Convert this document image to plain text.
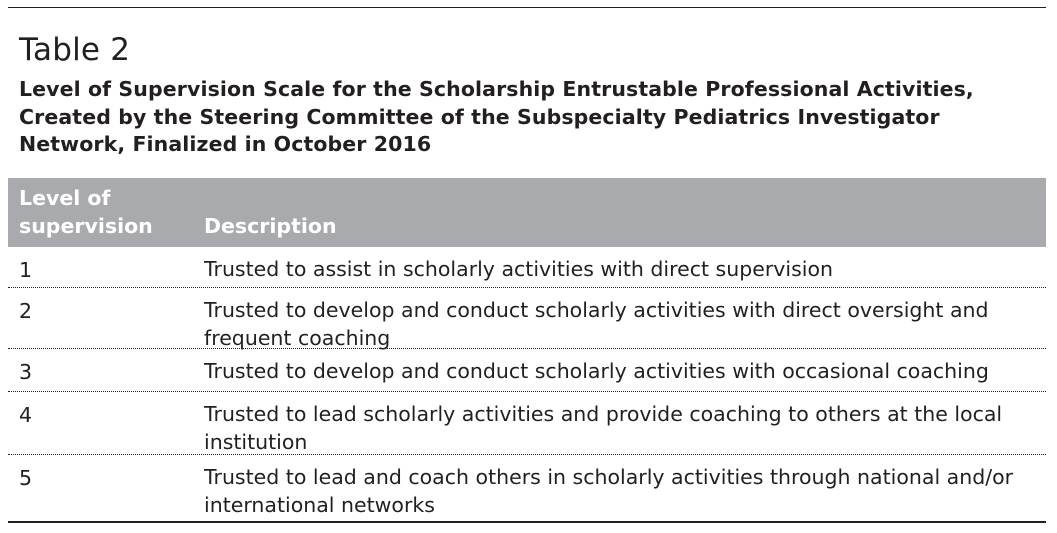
Table 2
Level of Supervision Scale for the Scholarship Entrustable Professional Activities, Created by the Steering Committee of the Subspecialty Pediatrics Investigator Network, Finalized in October 2016
Level of supervision	Description
1	Trusted to assist in scholarly activities with direct supervision
2	Trusted to develop and conduct scholarly activities with direct oversight and frequent coaching
3	Trusted to develop and conduct scholarly activities with occasional coaching
4	Trusted to lead scholarly activities and provide coaching to others at the local institution
5	Trusted to lead and coach others in scholarly activities through national and/or international networks
